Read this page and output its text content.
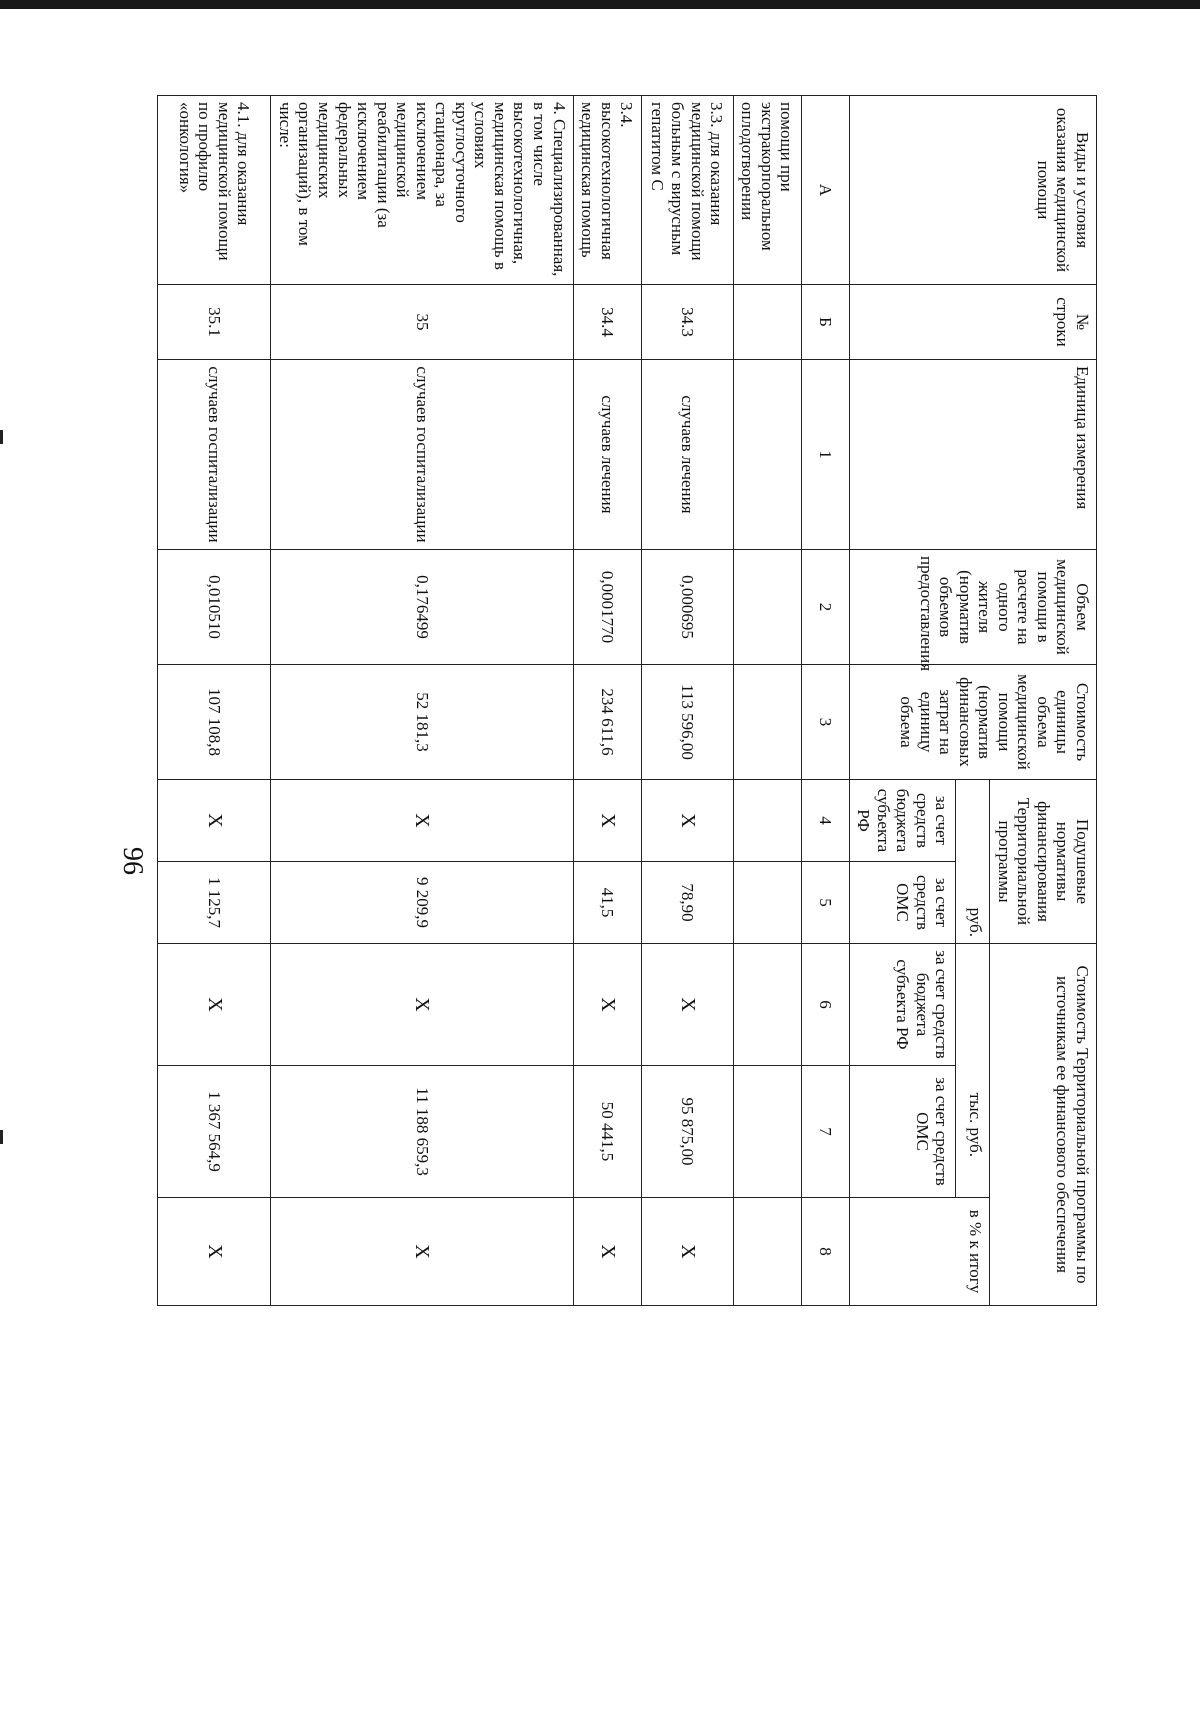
96
Виды и условия оказания медицинской помощи	№ строки	Единица измерения	Объем медицинской помощи в расчете на одного жителя (норматив объемов предоставления	Стоимость единицы объема медицинской помощи (норматив финансовых затрат на единицу объема	Подушевые нормативы финансирования Территориальной программы		Стоимость Территориальной программы по источникам ее финансового обеспечения		
					руб.		тыс. руб.		в % к итогу
					за счет средств бюджета субъекта РФ	за счет средств ОМС	за счет средств бюджета субъекта РФ	за счет средств ОМС	
А	Б	1	2	3	4	5	6	7	8
помощи при экстракорпоральном оплодотворении									
3.3. для оказания медицинской помощи больным с вирусным гепатитом С	34.3	случаев лечения	0,000695	113 596,00	X	78,90	X	95 875,00	X
3.4. высокотехнологичная медицинская помощь	34.4	случаев лечения	0,0001770	234 611,6	X	41,5	X	50 441,5	X
4. Специализированная, в том числе высокотехнологичная, медицинская помощь в условиях круглосуточного стационара, за исключением медицинской реабилитации (за исключением федеральных медицинских организаций), в том числе:	35	случаев госпитализации	0,176499	52 181,3	X	9 209,9	X	11 188 659,3	X
4.1. для оказания медицинской помощи по профилю «онкология»	35.1	случаев госпитализации	0,010510	107 108,8	X	1 125,7	X	1 367 564,9	X
